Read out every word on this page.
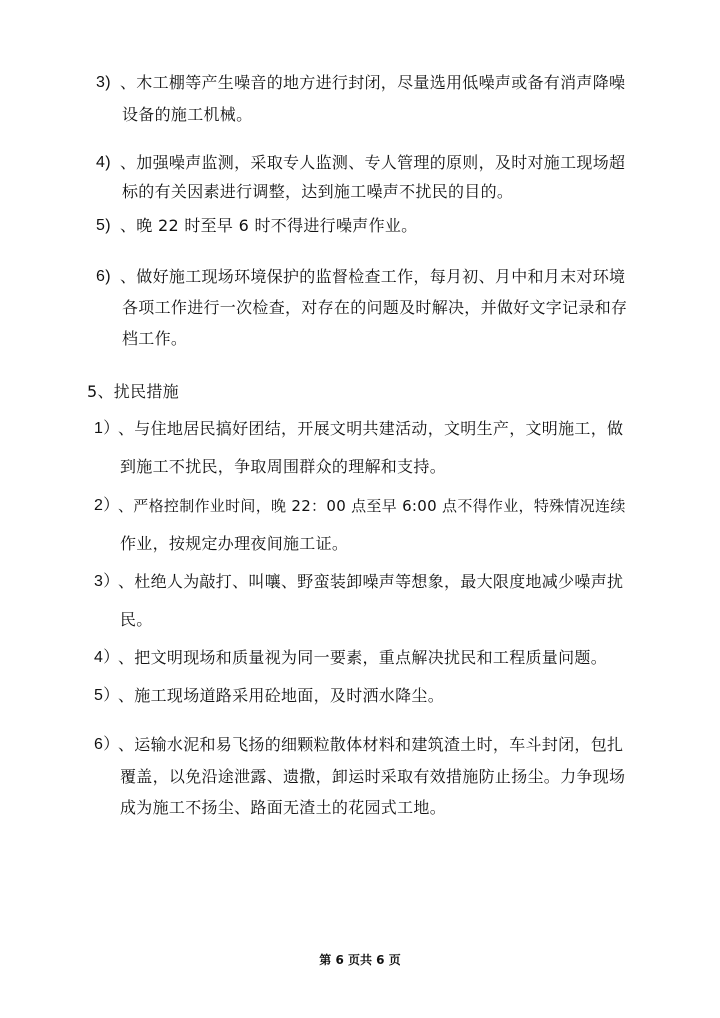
3) 、木工棚等产生噪音的地方进行封闭，尽量选用低噪声或备有消声降噪
设备的施工机械。
4) 、加强噪声监测，采取专人监测、专人管理的原则，及时对施工现场超
标的有关因素进行调整，达到施工噪声不扰民的目的。
5) 、晚 22 时至早 6 时不得进行噪声作业。
6) 、做好施工现场环境保护的监督检查工作，每月初、月中和月末对环境
各项工作进行一次检查，对存在的问题及时解决，并做好文字记录和存
档工作。
5、扰民措施
1）
、与住地居民搞好团结，开展文明共建活动，文明生产，文明施工，做
到施工不扰民，争取周围群众的理解和支持。
2）
、严格控制作业时间，晚 22：00 点至早 6:00 点不得作业，特殊情况连续
作业，按规定办理夜间施工证。
3）
、杜绝人为敲打、叫嚷、野蛮装卸噪声等想象，最大限度地减少噪声扰
民。
4）
、把文明现场和质量视为同一要素，重点解决扰民和工程质量问题。
5）
、施工现场道路采用砼地面，及时洒水降尘。
6）
、运输水泥和易飞扬的细颗粒散体材料和建筑渣土时，车斗封闭，包扎
覆盖，以免沿途泄露、遗撒，卸运时采取有效措施防止扬尘。力争现场
成为施工不扬尘、路面无渣土的花园式工地。
第 6 页共 6 页
